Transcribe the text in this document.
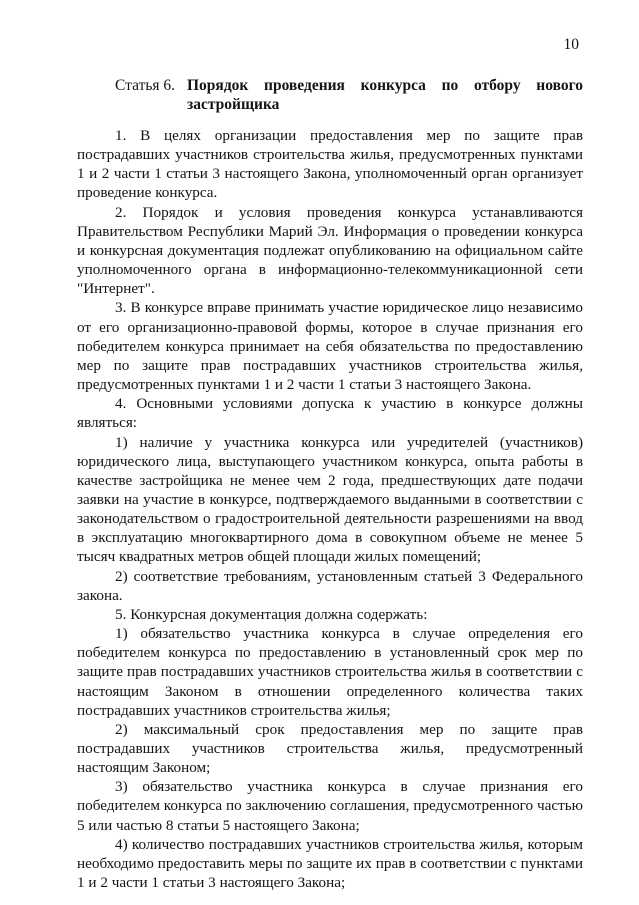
10
Статья 6. Порядок проведения конкурса по отбору нового застройщика

1. В целях организации предоставления мер по защите прав пострадавших участников строительства жилья, предусмотренных пунктами 1 и 2 части 1 статьи 3 настоящего Закона, уполномоченный орган организует проведение конкурса.

2. Порядок и условия проведения конкурса устанавливаются Правительством Республики Марий Эл. Информация о проведении конкурса и конкурсная документация подлежат опубликованию на официальном сайте уполномоченного органа в информационно-телекоммуникационной сети "Интернет".

3. В конкурсе вправе принимать участие юридическое лицо независимо от его организационно-правовой формы, которое в случае признания его победителем конкурса принимает на себя обязательства по предоставлению мер по защите прав пострадавших участников строительства жилья, предусмотренных пунктами 1 и 2 части 1 статьи 3 настоящего Закона.

4. Основными условиями допуска к участию в конкурсе должны являться:

1) наличие у участника конкурса или учредителей (участников) юридического лица, выступающего участником конкурса, опыта работы в качестве застройщика не менее чем 2 года, предшествующих дате подачи заявки на участие в конкурсе, подтверждаемого выданными в соответствии с законодательством о градостроительной деятельности разрешениями на ввод в эксплуатацию многоквартирного дома в совокупном объеме не менее 5 тысяч квадратных метров общей площади жилых помещений;

2) соответствие требованиям, установленным статьей 3 Федерального закона.

5. Конкурсная документация должна содержать:

1) обязательство участника конкурса в случае определения его победителем конкурса по предоставлению в установленный срок мер по защите прав пострадавших участников строительства жилья в соответствии с настоящим Законом в отношении определенного количества таких пострадавших участников строительства жилья;

2) максимальный срок предоставления мер по защите прав пострадавших участников строительства жилья, предусмотренный настоящим Законом;

3) обязательство участника конкурса в случае признания его победителем конкурса по заключению соглашения, предусмотренного частью 5 или частью 8 статьи 5 настоящего Закона;

4) количество пострадавших участников строительства жилья, которым необходимо предоставить меры по защите их прав в соответствии с пунктами 1 и 2 части 1 статьи 3 настоящего Закона;
